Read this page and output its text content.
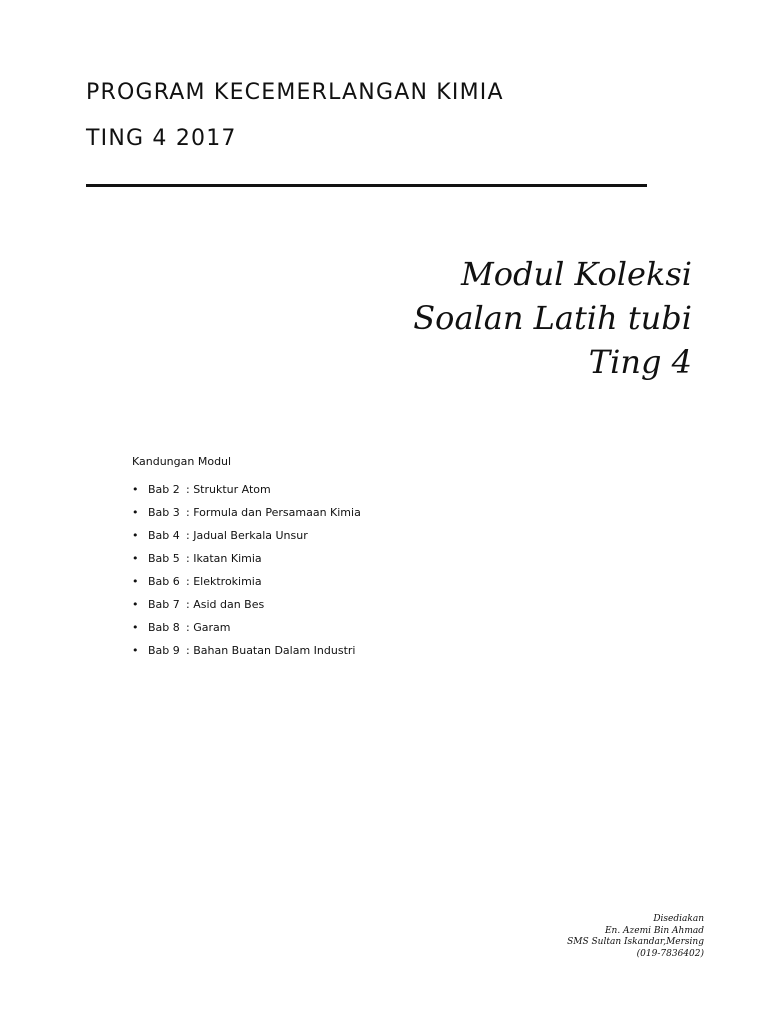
PROGRAM KECEMERLANGAN KIMIA
TING 4 2017
Modul Koleksi
Soalan Latih tubi
Ting 4

Kandungan Modul

• Bab 2 : Struktur Atom
• Bab 3 : Formula dan Persamaan Kimia
• Bab 4 : Jadual Berkala Unsur
• Bab 5 : Ikatan Kimia
• Bab 6 : Elektrokimia
• Bab 7 : Asid dan Bes
• Bab 8 : Garam
• Bab 9 : Bahan Buatan Dalam Industri
Disediakan
En. Azemi Bin Ahmad
SMS Sultan Iskandar,Mersing
(019-7836402)
